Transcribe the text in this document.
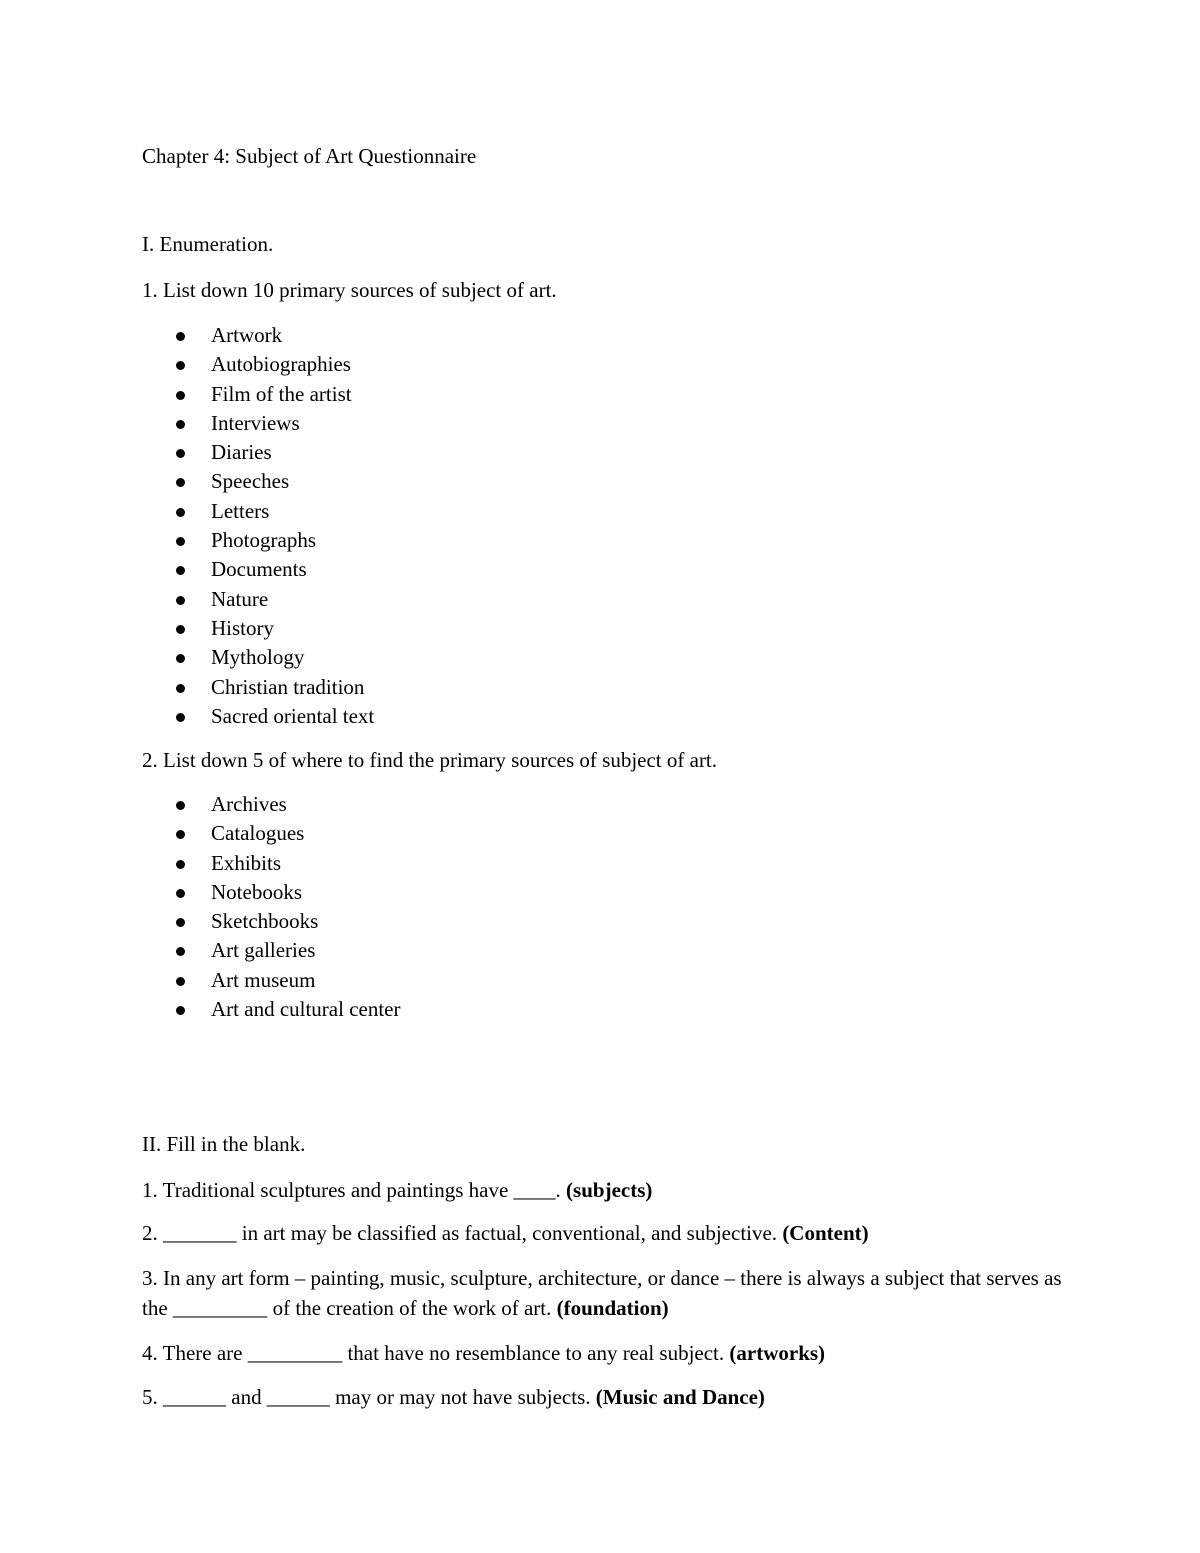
Chapter 4: Subject of Art Questionnaire
I. Enumeration.
1. List down 10 primary sources of subject of art.
Artwork
Autobiographies
Film of the artist
Interviews
Diaries
Speeches
Letters
Photographs
Documents
Nature
History
Mythology
Christian tradition
Sacred oriental text
2. List down 5 of where to find the primary sources of subject of art.
Archives
Catalogues
Exhibits
Notebooks
Sketchbooks
Art galleries
Art museum
Art and cultural center
II. Fill in the blank.
1. Traditional sculptures and paintings have ____. (subjects)
2. _______ in art may be classified as factual, conventional, and subjective. (Content)
3. In any art form – painting, music, sculpture, architecture, or dance – there is always a subject that serves as the _________ of the creation of the work of art. (foundation)
4. There are _________ that have no resemblance to any real subject. (artworks)
5. ______ and ______ may or may not have subjects. (Music and Dance)
